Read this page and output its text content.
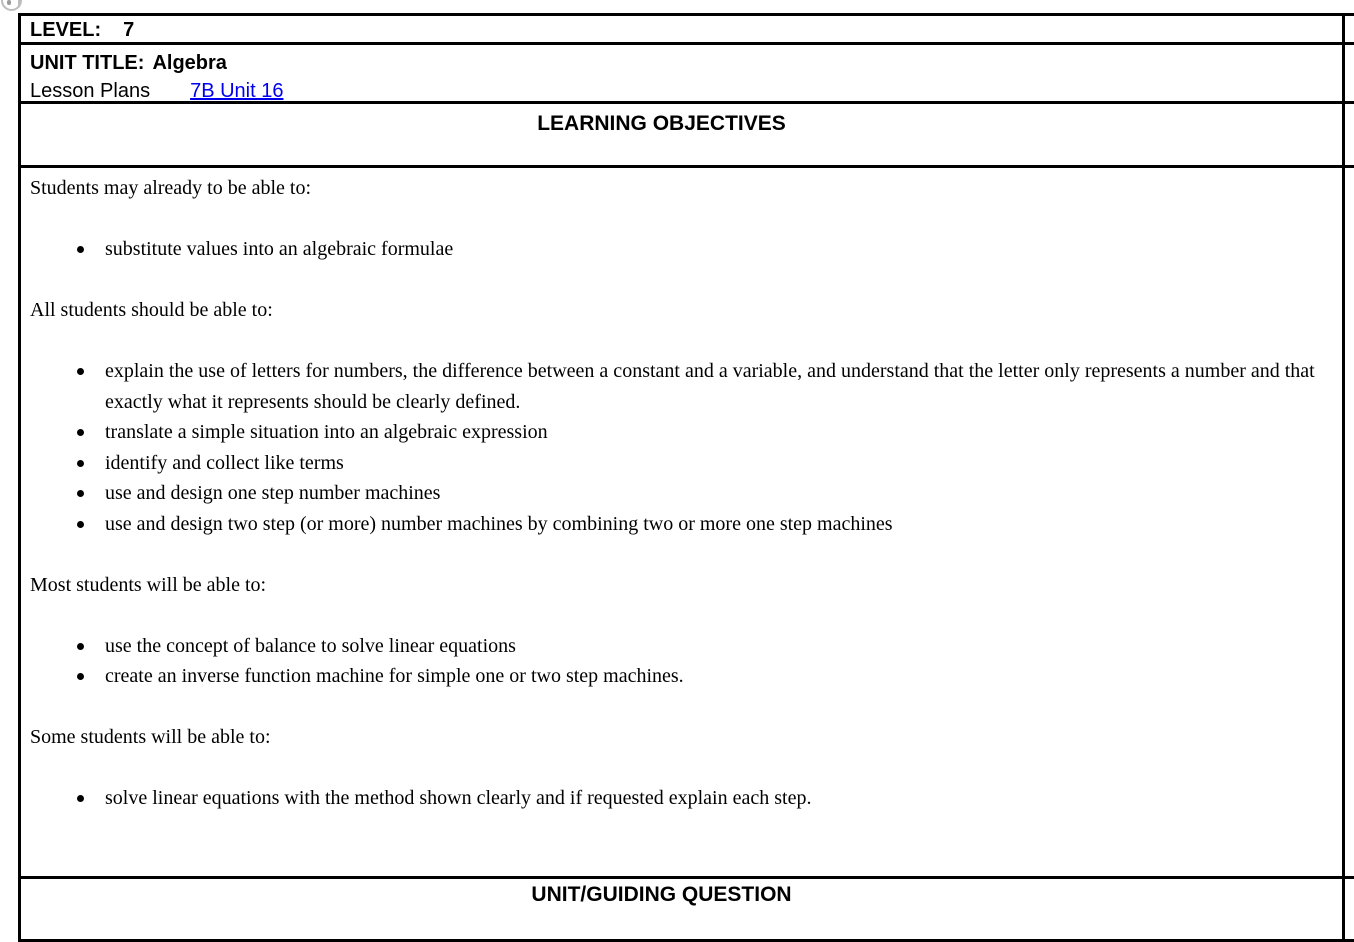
LEVEL: 7
UNIT TITLE: Algebra
Lesson Plans 7B Unit 16
LEARNING OBJECTIVES

Students may already to be able to:

substitute values into an algebraic formulae

All students should be able to:

explain the use of letters for numbers, the difference between a constant and a variable, and understand that the letter only represents a number and that exactly what it represents should be clearly defined.
translate a simple situation into an algebraic expression
identify and collect like terms
use and design one step number machines
use and design two step (or more) number machines by combining two or more one step machines

Most students will be able to:

use the concept of balance to solve linear equations
create an inverse function machine for simple one or two step machines.

Some students will be able to:

solve linear equations with the method shown clearly and if requested explain each step.
UNIT/GUIDING QUESTION
